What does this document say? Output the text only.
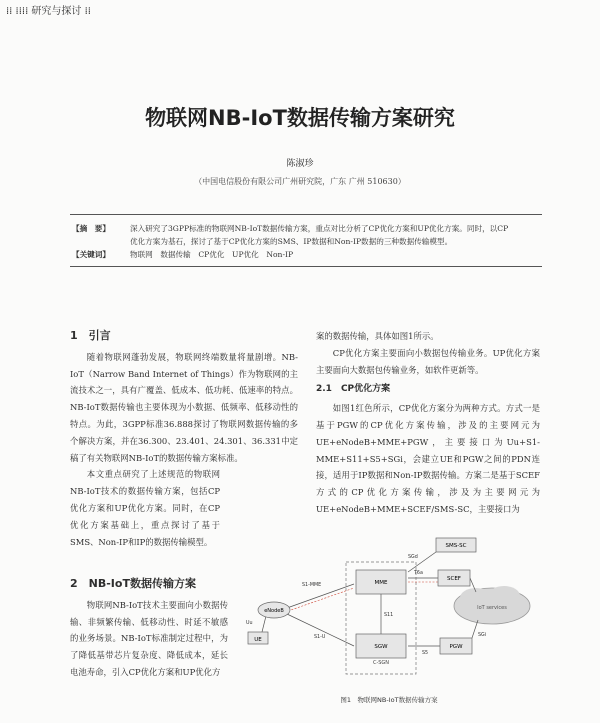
⁞⁞ ⁞⁞⁞⁞ 研究与探讨 ⁞⁞
物联网NB-IoT数据传输方案研究
陈淑珍
（中国电信股份有限公司广州研究院，广东 广州 510630）
【摘　要】	深入研究了3GPP标准的物联网NB-IoT数据传输方案，重点对比分析了CP优化方案和UP优化方案。同时，以CP
优化方案为基石，探讨了基于CP优化方案的SMS、IP数据和Non-IP数据的三种数据传输模型。
【关键词】	物联网　数据传输　CP优化　UP优化　Non-IP
1　引言

随着物联网蓬勃发展，物联网终端数量将量剧增。NB-IoT（Narrow Band Internet of Things）作为物联网的主流技术之一，具有广覆盖、低成本、低功耗、低速率的特点。NB-IoT数据传输也主要体现为小数据、低频率、低移动性的特点。为此，3GPP标准36.888探讨了物联网数据传输的多个解决方案，并在36.300、23.401、24.301、36.331中定稿了有关物联网NB-IoT的数据传输方案标准。

本文重点研究了上述规范的物联网NB-IoT技术的数据传输方案，包括CP优化方案和UP优化方案。同时，在CP优化方案基础上，重点探讨了基于SMS、Non-IP和IP的数据传输模型。

2　NB-IoT数据传输方案

物联网NB-IoT技术主要面向小数据传输、非频繁传输、低移动性、时延不敏感的业务场景。NB-IoT标准制定过程中，为了降低基带芯片复杂度、降低成本，延长电池寿命，引入CP优化方案和UP优化方

案的数据传输，具体如图1所示。

CP优化方案主要面向小数据包传输业务。UP优化方案主要面向大数据包传输业务，如软件更新等。

2.1　CP优化方案

如图1红色所示，CP优化方案分为两种方式。方式一是基于PGW的CP优化方案传输，涉及的主要网元为UE+eNodeB+MME+PGW，主要接口为Uu+S1-MME+S11+S5+SGi，会建立UE和PGW之间的PDN连接，适用于IP数据和Non-IP数据传输。方案二是基于SCEF方式的CP优化方案传输，涉及为主要网元为UE+eNodeB+MME+SCEF/SMS-SC，主要接口为

IoT services
C-SGN
SMS-SC
MME
SCEF
eNodeB
UE
SGW	PGW
SGd
T6a
S1-MME
S11
S1-U
Uu
S5
SGi
图1　物联网NB-IoT数据传输方案
